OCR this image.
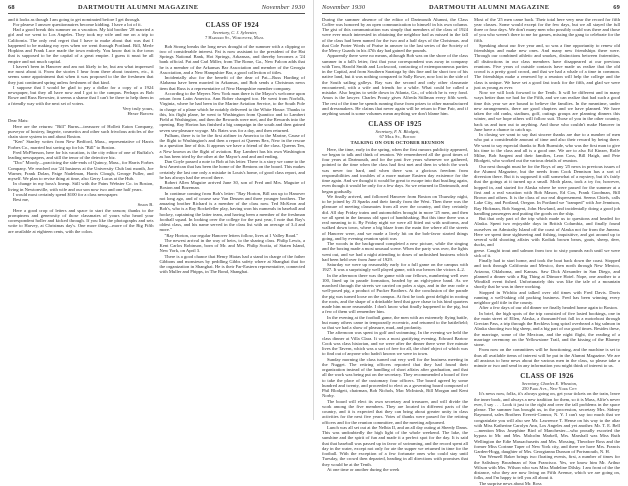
68	DARTMOUTH ALUMNI MAGAZINE	November 1930

and it looks as though I am going to get nominated before I get through.

For pleaese I answer questionnaires become kidding. I have a lot of it.

Had a good break this summer on a vacation. My kid brother '28 married a girl and we went to Los Angeles. They took my wife and me on a trip to California. The only real regret that I have to make about that was that I happened to be making my eyes when we went through Portland. Bill, Merle Hopkins and Frank Luce made the town entirely. You know that is the town that is supposed to be the capital of a great empire. I guess it must be all empire and not much capital.

I haven't been in Hanover and am not likely to be, but am what impressed me most about it. From the stories I hear from there about trustees, etc., it seems some appointment that when it was proposed to the the freshmen that they just continued spring unless freshmen of that kind.

I suppose that I would be glad to pay a dollar for a copy of a 1924 newspaper, but they all have now and I got to the campus. Perhaps as Bob Rowe and Russ Brewster, it seems a shame that I can't be there to help them in a friendly way with the next set of voters.

Very truly yours,

Henry Brewer

Dear Mats:

Here are the returns: "Bill" Burns—treasurer of Hollett Eaton Company, purveyor of hosiery, lingerie, cosmetics and other such frivolous articles of the chain store system in and about Boston.

"Ken" Stanley writes from New Bedford, Mass., representative of Harris Forbes Co., married but saving up for his "Bill" to Boston.

Fred McPherson, here for his vacation, is the city editor of one of Buffalo's leading newspapers, and still the tenor of the detective biz.

"Doc" Moody—practicing the side-ends of Quincy, Mass., for Harris Forbes Company. We reached our '24 business at the University Club last month, Joe Warner, Frank Dolan, Paige Nadelman, Harris Clough, George Fuller, and myself. We plan to revise thing at time, also Gerry Lucas at the Hub.

In change in my boss's lineup. Still with the Pains Webster Co. in Boston, living in Newtonville, with wife and our son now two and one half years.

I would most certainly spend $100 for a class newspaper.

Best me,

Simon B.

Here a good crop of letters and space to start the season; thanks to the promptness and generosity of those classmates of yours who heard your correspondent holler and kicked through. If you like the photographs and sets write to Harvey, at Christmas day's. One more thing—more of the Big Fifth are available at eighteen cents, with the colon.

CLASS OF 1924

Secretary, C. J. Sylvester,

7 Harvard St., Worcester, Mass.

Bob Strong breaks the long news drought of the summer with a clipping or two of considerable interest. Pat is now assistant to the president of the Hat Springs National Bank, Hot Springs, Arkansas, and thereby becomes a '24 bank official. Pat and Carl Miller, from The Rome, Ga., New Falcon adds that he is a member of the Arkansas Bar Association and member of the Georgia Association, and a New Hampshire Bar, a good collection of titles.

Incidentally also for the benefit of the dear of Pat—Russ Harding of Alabama have been married in Arkansas, and Bob sends a Christmas news item that Russ is a representative of New Hampshire member company.

According to the Meyers New York man there is the Mayor's welcome upon return from Latin America. Ann Rober changed too. He went from Norfolk, Virginia, where he had been in the Marine Aviation Service, to the South Pole in charge of a plane which he notably delivered to the White House. Thanks to this, his flight plane, he went to Washington from Quantico and to Lambert Field at Washington, and then the Rewards were met, and the Rewards into the opening. Ray Horton has finished a big campaign in the south and then gained seven sea-pleasure voyage. Mr. Bates was for a day, and then returned.

Fulham, there is to be the first airliner in America to the Marine, Cause of the flight to Washington's and then a report at Queens Rex, New in the rescue in a question line of this. It appears we have a friend of the class. Queens Ten, a New known as the flight of aviation. Ray Lambert has his own Washington as has been tried by the other at the Mayor's and and and ending.

Dan Coyle passed a note to Bob at his letter. There is a story we came to the first American that has been the home of the Bentons on the board. This makes certainly the last one only a mistake in Louis's home, of good class report, and he has always had the record there.

Robert Allen Maguire arrived June 30, son of Fred and Mrs. Maguire of Boston and Bozeman.

In continue coming from Bob's letter: "Ray Horton, Bill ran up to Hanover not long ago, and of course saw Van Deusen and three younger brothers. The amazing brother Richard is a member of the class now. Ted McKeon and Bob's, who is a Ray Rockefeller play, having won his numerals in baseball and hockey, captaining the latter team, and having been a member of the freshman football squad. In looking over the college for the past year, I note that Ray's oldest class, and his name served in the class list with an average of 3.4 and more."

"Ray Horton, our regular Hanover letters follow, lives at 1 Valley Road."

The newest arrival in the way of heirs, to the sharing class. Philip Lewis, a Kent Carlos Robinson, born of Mr. and Mrs. Philip Scotia, of Staten Island, New York, on April 3.

There is a good chance that Henry Hiatas had a stand in charge of the father Gibbons and monsieurs by peddling Gibbs safety where at Shanghai that for the organization in Shanghai. He is their Far-Eastern representative, connected with Muller and Phipps, in The Bond, Shanghai.

November 1930	DARTMOUTH ALUMNI MAGAZINE	69

During the summer absence of the editor of Dartmouth Alumni, the Class Coffee was honored by an open communication to himself in his own column. The gist of this communication was simply that members of the class of 1924 were ever much interested in obtaining the neighbor had as missed in the fall of the class had been named for the two and a half days of the Christmas. and that Cole Porter Words of Praise in answer to the last series of the Society of the Mercy Guards in his 47th day had gained the pounds.

Apparently there were no means, although Bob was on the shore of the class summer in a fall's letter, first that your correspondent was away in company with Tom, Harold Smith and Lockwood, contacting of extemporaneous parties in the Capital, and from Southern Saratoga by this fine and far short two of his native land, but it was nothing compared to Sally Rowe, now lost in the side of the South sailing galleys. Ray was the second and only other classmate encountered, with a wife and friends for a while. What could be called a mistake. Also begins to settle down in Atlanta, Ga., of which he is very fond. Amos is the lawyer. Charles Prouty gives Alfreda Stillman every fifth week. The rest of the time be spends running those from prizes to other manufactured and dressmakers. He claims that never again will he return to Pine Fair, and if anything sound is some volumes mean anything we don't blame him.

CLASS OF 1925

Secretary, F. N. Blodgett,

67 Milk St., Boston

TALKING ON OUR OCTOBER REUNION

Here, the time, early in the spring, when the first rumors publicity appeared, we began to talk and think of reunion. We remembered all the good times of four years at Dartmouth, and for the past five years whenever we gathered, pointed to the time when the class had first met and then in which the work was never too hard, and when there was a glorious freedom from responsibilities and troubles of a more mature Eastern day existence for the time again. And we thought it would be great to escape into that bustling again, even though it would be only for a few days. So we returned to Dartmouth, and began gradually.

We finally arrived, and followed Hanover from Boston on Thursday night, to be joined by J3 Sparks and their family from the West. Then there was the pleasure of meeting classmates from all over the country, and they certainly did. All day Friday trains and automobiles brought in more '25 men, and then we all spent in the famous old sport of handshaking. But this time there was a real meaning to it. By Friday night we were all fitted out with uniforms, and walked down town, where a big blaze from the main fire where all the streets of Hanover were, and we made a lively hit on the bob-favor started things going, and by evening reunion spirit was

The woods in the background completed a new picture, while the singing and the boxing made a most unusual scene. When the party was over, the lights went out, and we had a night attending to doses of unfinished business which had been held over from June of 1929.

Saturday we were up reasonably early for a full game on the campus with 1927. It was a surprisingly well played game, with our heroes the victors 4–2.

In the afternoon there was the game with our fellows, numbering well over 100, lined up in parade formation, headed by an eight-piece band. As we marched through the streets we carried on poles a sign, and in the rear rode a well-posed pig, a product of Pucker Brothers. At the conclusion of the parade the pig was turned loose on the campus. At first he took great delight in rooting the roots, and the shape of a drinkable herd that gave chase to his hind quarters made him more reasonable. I don't know what finally happened to the pig, but a few of them will remember him.

In the evening at the football game, the men with an extremely flying battle, but many others came in temporarily eccentric, and returned to the battlefield; so that we had a show of pleasure, mud, and profanity.

The afternoon was spent in golf and swimming. In the evening we held the class dinner at Villa Clara. It was a most gratifying evening. Edward Bartow Cook was class historian, and we were after the dinner there were five minute lives the Tavern, which was a sort of free for all, the chief object of which was to find out of anyone who hadn't known we were in town.

Sunday morning the class turned out very well for the business meeting in the Nugget. The retiring officers reported that they had found their organization instead of the handling of short affairs after graduation, and that all the work was being put on the secretary. They recommended a board of five to take the place of the customary four officers. The board agreed by some hundred and twenty, and proceeded to elect as a governing board composed of Phil Blodgett, chairman, Bob Nichols, Mac McIntosh, Bill Morgan and Kent Norby.

The board will elect its own secretary and treasurer, and will divide the work among the five members. They are located in different parts of the country, and it is expected that they can bring about greater unity in class activities for the next five years. Votes of thanks were passed for the retiring officers and for the reunion committee, and the meeting adjourned.

Lunch was all set out at the Nelbia II, and an all day outing at Sheedy Dams. This was undoubtedly the high light of the whole weekend. The lake, the sunshine and the spirit of fun and made it a perfect spot for the day. It is said that that baseball was passed up in favor of swimming, and the record spent all day in the water, except not only for ate the supper we returned in time for the football. With the exception of a few fortunate ones who could stay until Tuesday, the crowd then departed, heading in all directions with promises that they would be at the Tenth.

At one time or another during the week

Most of the '25 men came back. Their total here very near the record for fifth year classes. Some would except for the few days, but we all stayed the full three or four days. We don't many men who possibly could was there and those of you who weren't there to me for games, missing the gang to celebrate for the fifth.

Speaking about our five year and, so was a fine opportunity to renew old friendships and make new ones. And many new friendships there were. Through our combined athletic and smokes, distinctions between fraternities, all distinctions in our class members have disappeared at our previous reunions. Five years of outside contacts have made us realize that the old crowd is a pretty good crowd, and that we had a whale of a time in common. The friendships make a renewed by a reunion will help the college and the class is unique. We have set a good fast track for the fifth, and glad we were just as young as ever.

Now we will look forward to the Tenth. It will be different and in many ways better than we had for the Fifth, and we can realize that had such a good time this year we are bound to believe the families. In the meantime, under new arrangements, there are good chapters and we have planned. We have taken the old ranks, stadium, golf, outings groups are planning dinners this winter, and we hope others will follow suit. Those of you in the other country, back us and turn out to anything. And those who couldn't make Hanover in June have a chance to catch up.

In closing we want to say that sincere thanks are due to a number of men who put a considerable amount of time and also their reward by being there. We want to say especial thanks to Bob Burnside, who was the first man to give his time to the class and all is a good one. We are to also Ed Kinzer, Rolfe Milne, Bob Sargent and their families, Leon Coss, Bill Haigh, and Pete Blodgett, who worked out the various details of reunion.

Our next thought must be for the Boys of any '25 news in previous issues of the Alumni Magazine, but the needs from Cook Dennison has a sort of diversion there. But it is supposed it still somewhat of a mystery, but it's fairly that the goings at it turned up a small. Moth plans, took a try for, however, hopped in, and started for Alaska where he were passed for the summer at a first and a real vacation with Bob Mason, Ed Cox, Frank Goodman, Bill Brown and others. It is the class of our real dispersement. Seems Chiefs, calls Lake City, and Portland, Oregon. In Portland we "tramped" with Joe Jennison, Ray Hickman, Bob Sargent, John Howland, and incidentally doing a good job handling passengers and putting the goods on the ship.

But that only part of the trip which made us to questions and headed for Alaska. Spent two enjoyable days in British Columbia, and finally found ourselves on Admiralty Island off the coast of Alaska not far from the Juneau. Here we spent time sightseeing and fishing, inquisitive, and got around up to several wild shooting affairs with Kodiak brown bears, goats, sheep, deer, ducks, and

geese. Caught trout and salmon from two to sixty pounds each until we were sick of it.

Finally had to start home, and took the boat back down the coast. Stopped and took through California and Mexico, then north through New Mexico, Arizona, Oklahoma, and Kansas. Saw Dick Alexander in San Diego, and planned a dinner with a Big Thing at Ditmore Hotel. Nope, one another to a Windfall event fished. Unfortunately this was like the tale of a mountain shortly that he was in there working.

Stopped in Wichita and talked over old times with Fred Davis. Davis running a well-taking old packing business. Fred has been winning every neighbor golf title in the county.

After a few days of our old dinner we finally headed home again to Boston.

In brief, the high spots of the trip consisted of five lasted bookings, one in the main street of Ellen, Alaska, a thousand-foot fall in a motorboat through Grecian Pass, a trip through the Reckless long spiral overheard a big salmon in Alaska shooting two big sheep, and a big part of our good times. Besides these, the marriage, some of the Mexican, and the night flight, the reading of a marriage ceremony on the Yellowstone Trail, and the kissing of the Blarney stone.

From now on the committees will be functioning, and the machine is set to thus all available items of interest will be put in the Alumni Magazine. We are all anxious to hear news about the various men in the class, so please take a minute or two and send in any information you might think of interest to us.

CLASS OF 1926

Secretary, Charles E. Wheaton,

250 Park Ave., New York City

It's news now, folks, it's always going on, get your tickets on the train, leave the inner book, and always a new tradition for them, so it is Mass, Alfie's never ever, I say . . . Look it just to the right and over the tall problems in the space please. The summer has brought us, in the procession, secretary Mrs. Sidney Raymond, sales Brothers Everett-Connor, N. Y. I can't say too much that we congratulate you will also see Mr. Lawrence T. Hense on his way to the altar with Miss Katherine Carolyn Ann, Los Angeles and yet another. Mr. T. E. Bell—mention Miss Josephine Bird of Manchester—who proudly escorted the bypass to Mr. and Mrs. Malcolm Markell, Mrs. Marshall was Miss Ruth Wellington the Edie Massachusetts and Mrs. Mossing, Theodore Ross and the former Miss Corinne Taper of New York city, and there we have Mrs. Francis Garden-Hogg, daughter of Mrs. Georgianna Dunson of Portsmouth, N. H.

Van Wenzell Baker brings two floating events, first, a number of times for the Salisbury Broadman of San Francisco. Yes, we know him Mr. Arthur Wilson with Mrs. Wilson who was Miss Madeline Dilsky. I am front of the the distance, who they are now living on Fifth Avenue, which we are going on, folks, and I'm happy to tell you all about it.

The surprise news about Mr. Ross
